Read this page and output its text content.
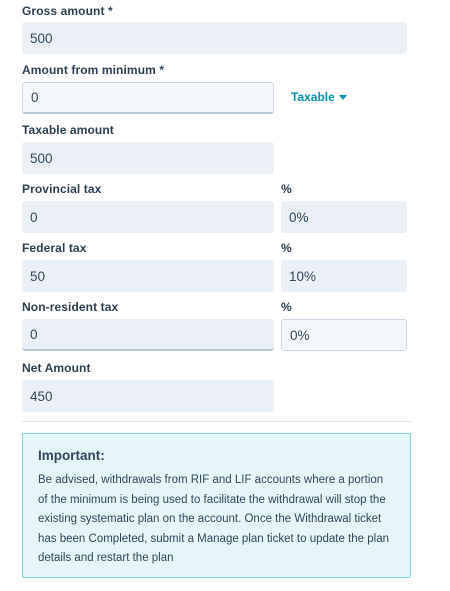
Gross amount *
500
Amount from minimum *
0	Taxable
Taxable amount
500
Provincial tax	%
0	0%
Federal tax	%
50	10%
Non-resident tax	%
0	0%
Net Amount
450
Important:
Be advised, withdrawals from RIF and LIF accounts where a portion of the minimum is being used to facilitate the withdrawal will stop the existing systematic plan on the account. Once the Withdrawal ticket has been Completed, submit a Manage plan ticket to update the plan details and restart the plan
